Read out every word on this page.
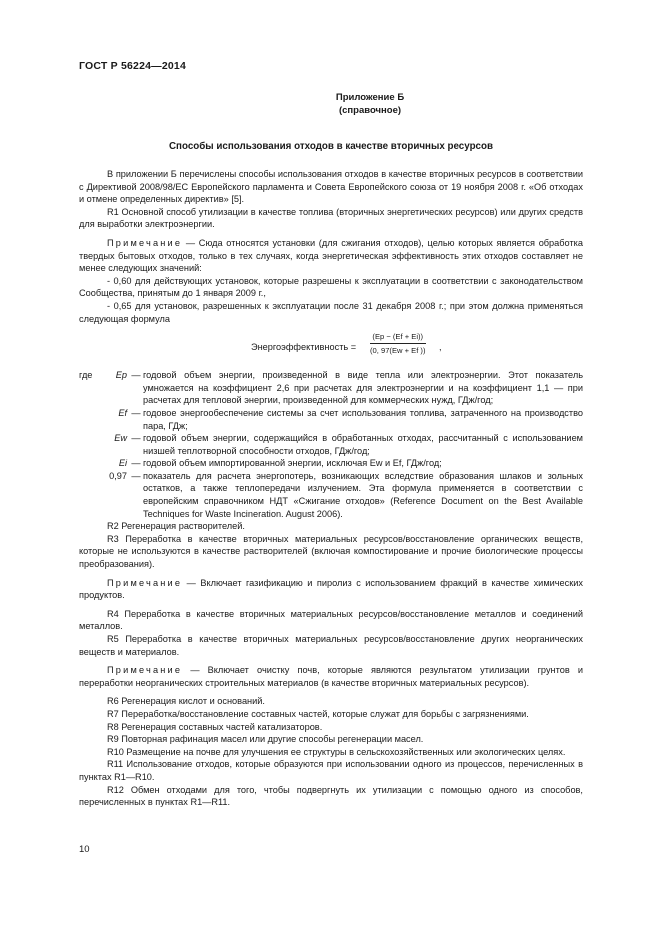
ГОСТ Р 56224—2014
Приложение Б
(справочное)
Способы использования отходов в качестве вторичных ресурсов

В приложении Б перечислены способы использования отходов в качестве вторичных ресурсов в соответствии с Директивой 2008/98/ЕС Европейского парламента и Совета Европейского союза от 19 ноября 2008 г. «Об отходах и отмене определенных директив» [5].

R1 Основной способ утилизации в качестве топлива (вторичных энергетических ресурсов) или других средств для выработки электроэнергии.

Примечание — Сюда относятся установки (для сжигания отходов), целью которых является обработка твердых бытовых отходов, только в тех случаях, когда энергетическая эффективность этих отходов составляет не менее следующих значений:

- 0,60 для действующих установок, которые разрешены к эксплуатации в соответствии с законодательством Сообщества, принятым до 1 января 2009 г.,

- 0,65 для установок, разрешенных к эксплуатации после 31 декабря 2008 г.; при этом должна применяться следующая формула

Энергоэффективность = $\frac{(Ep - (Ef + Ei))}{(0, 97(Ew + Ef ))}$ ,
где	Ep	—	годовой объем энергии, произведенной в виде тепла или электроэнергии. Этот показатель умножается на коэффициент 2,6 при расчетах для электроэнергии и на коэффициент 1,1 — при расчетах для тепловой энергии, произведенной для коммерческих нужд, ГДж/год;
	Ef	—	годовое энергообеспечение системы за счет использования топлива, затраченного на производство пара, ГДж;
	Ew	—	годовой объем энергии, содержащийся в обработанных отходах, рассчитанный с использованием низшей теплотворной способности отходов, ГДж/год;
	Ei	—	годовой объем импортированной энергии, исключая Ew и Ef, ГДж/год;
	0,97	—	показатель для расчета энергопотерь, возникающих вследствие образования шлаков и зольных остатков, а также теплопередачи излучением. Эта формула применяется в соответствии с европейским справочником НДТ «Сжигание отходов» (Reference Document on the Best Available Techniques for Waste Incineration. August 2006).

R2 Регенерация растворителей.

R3 Переработка в качестве вторичных материальных ресурсов/восстановление органических веществ, которые не используются в качестве растворителей (включая компостирование и прочие биологические процессы преобразования).

Примечание — Включает газификацию и пиролиз с использованием фракций в качестве химических продуктов.

R4 Переработка в качестве вторичных материальных ресурсов/восстановление металлов и соединений металлов.

R5 Переработка в качестве вторичных материальных ресурсов/восстановление других неорганических веществ и материалов.

Примечание — Включает очистку почв, которые являются результатом утилизации грунтов и переработки неорганических строительных материалов (в качестве вторичных материальных ресурсов).

R6 Регенерация кислот и оснований.

R7 Переработка/восстановление составных частей, которые служат для борьбы с загрязнениями.

R8 Регенерация составных частей катализаторов.

R9 Повторная рафинация масел или другие способы регенерации масел.

R10 Размещение на почве для улучшения ее структуры в сельскохозяйственных или экологических целях.

R11 Использование отходов, которые образуются при использовании одного из процессов, перечисленных в пунктах R1—R10.

R12 Обмен отходами для того, чтобы подвергнуть их утилизации с помощью одного из способов, перечисленных в пунктах R1—R11.

10
